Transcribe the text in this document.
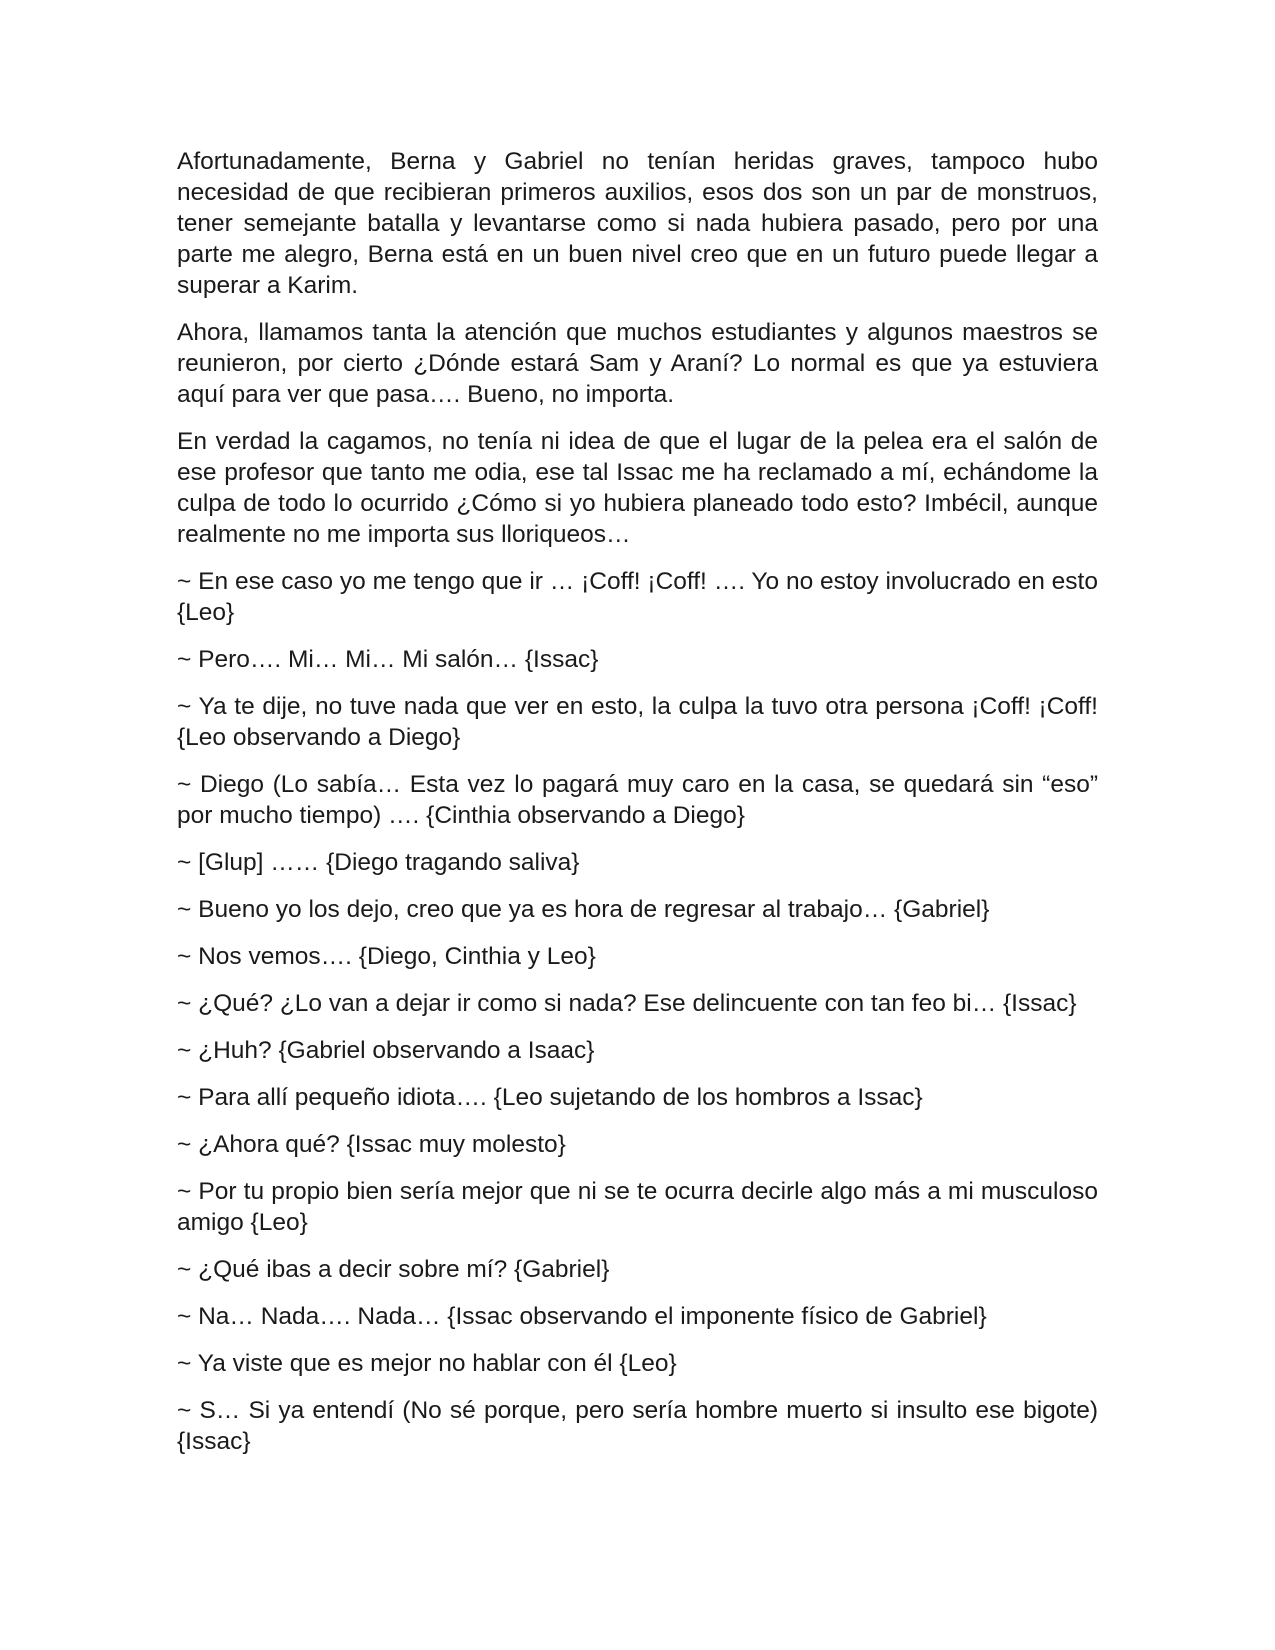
Afortunadamente, Berna y Gabriel no tenían heridas graves, tampoco hubo necesidad de que recibieran primeros auxilios, esos dos son un par de monstruos, tener semejante batalla y levantarse como si nada hubiera pasado, pero por una parte me alegro, Berna está en un buen nivel creo que en un futuro puede llegar a superar a Karim.

Ahora, llamamos tanta la atención que muchos estudiantes y algunos maestros se reunieron, por cierto ¿Dónde estará Sam y Araní? Lo normal es que ya estuviera aquí para ver que pasa…. Bueno, no importa.

En verdad la cagamos, no tenía ni idea de que el lugar de la pelea era el salón de ese profesor que tanto me odia, ese tal Issac me ha reclamado a mí, echándome la culpa de todo lo ocurrido ¿Cómo si yo hubiera planeado todo esto? Imbécil, aunque realmente no me importa sus lloriqueos…

~ En ese caso yo me tengo que ir … ¡Coff! ¡Coff! …. Yo no estoy involucrado en esto {Leo}

~ Pero…. Mi… Mi… Mi salón… {Issac}

~ Ya te dije, no tuve nada que ver en esto, la culpa la tuvo otra persona ¡Coff! ¡Coff! {Leo observando a Diego}

~ Diego (Lo sabía… Esta vez lo pagará muy caro en la casa, se quedará sin “eso” por mucho tiempo) …. {Cinthia observando a Diego}

~ [Glup] …… {Diego tragando saliva}

~ Bueno yo los dejo, creo que ya es hora de regresar al trabajo… {Gabriel}

~ Nos vemos…. {Diego, Cinthia y Leo}

~ ¿Qué? ¿Lo van a dejar ir como si nada? Ese delincuente con tan feo bi… {Issac}

~ ¿Huh? {Gabriel observando a Isaac}

~ Para allí pequeño idiota…. {Leo sujetando de los hombros a Issac}

~ ¿Ahora qué? {Issac muy molesto}

~ Por tu propio bien sería mejor que ni se te ocurra decirle algo más a mi musculoso amigo {Leo}

~ ¿Qué ibas a decir sobre mí? {Gabriel}

~ Na… Nada…. Nada… {Issac observando el imponente físico de Gabriel}

~ Ya viste que es mejor no hablar con él {Leo}

~ S… Si ya entendí (No sé porque, pero sería hombre muerto si insulto ese bigote) {Issac}
